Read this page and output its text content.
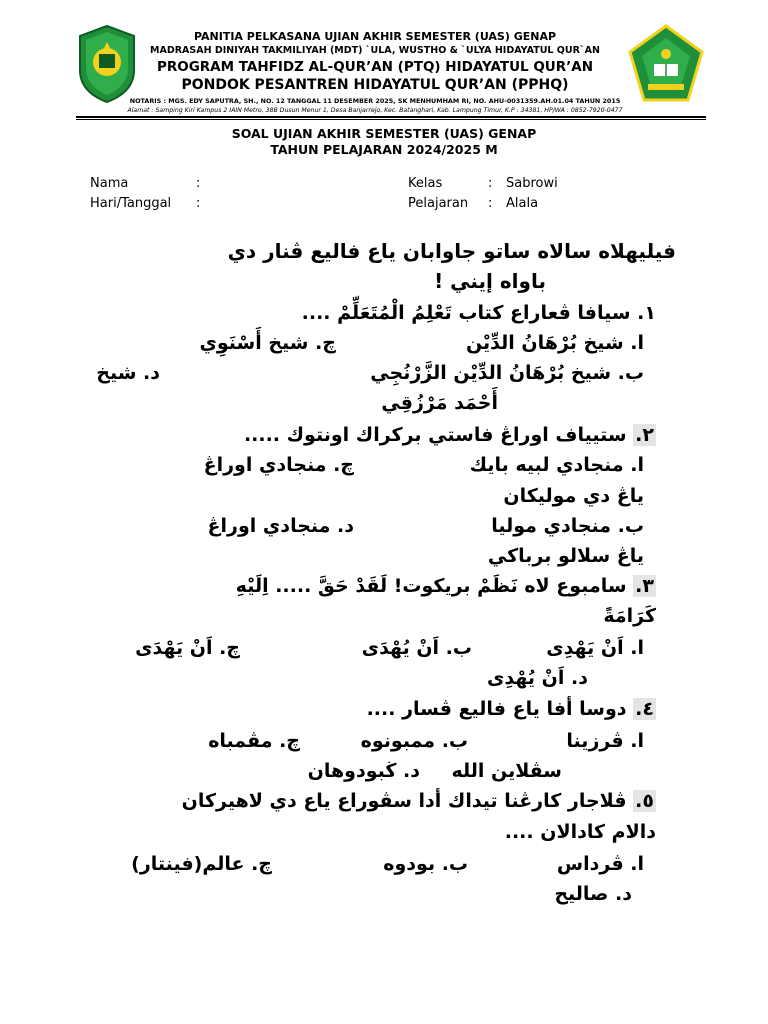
PANITIA PELKASANA UJIAN AKHIR SEMESTER (UAS) GENAP
MADRASAH DINIYAH TAKMILIYAH (MDT) `ULA, WUSTHO & `ULYA HIDAYATUL QUR`AN
PROGRAM TAHFIDZ AL-QUR’AN (PTQ) HIDAYATUL QUR’AN
PONDOK PESANTREN HIDAYATUL QUR’AN (PPHQ)
NOTARIS : MGS. EDY SAPUTRA, SH., NO. 12 TANGGAL 11 DESEMBER 2025, SK MENHUMHAM RI, NO. AHU-0031359.AH.01.04 TAHUN 2015
Alamat : Samping Kiri Kampus 2 IAIN Metro, 38B Dusun Menur 1, Desa Banjarrejo, Kec. Batanghari, Kab. Lampung Timur, K.P : 34381, HP/WA : 0852-7920-0477
SOAL UJIAN AKHIR SEMESTER (UAS) GENAP
TAHUN PELAJARAN 2024/2025 M
Nama	:
Hari/Tanggal :
Kelas	: Sabrowi
Pelajaran : Alala
فيليهلاه سالاه ساتو جاوابان ياع فاليع ڤنار دي
باواه إيني !
١. سيافا ڤعاراع كتاب تَعْلِمُ الْمُتَعَلِّمْ ....
ا. شيخ بُرْهَانُ الدِّيْن
چ. شيخ أَسْنَوِي
ب. شيخ بُرْهَانُ الدِّيْن الزَّرْنُجِي
د. شيخ
أَحْمَد مَرْزُقِي
٢. ستيياف اوراڠ فاستي بركراك اونتوك .....
ا. منجادي لبيه بايك
چ. منجادي اوراڠ
ياڠ دي موليكان
ب. منجادي موليا
د. منجادي اوراڠ
ياڠ سلالو برباكي
٣. سامبوع لاه نَظَمْ بريكوت! لَقَدْ حَقَّ ..... اِلَيْهِ
كَرَامَةً
ا. اَنْ يَهْدِى
ب. اَنْ يُهْدَى
چ. اَنْ يَهْدَى
د. اَنْ يُهْدِى
٤. دوسا أفا ياع فاليع ڤسار ....
ا. ڤرزينا
ب. ممبونوه
چ. مڤمباه
سڤلاين الله
د. ڬبودوهان
٥. ڤلاجار كارڠنا تيداك أدا سڤوراع ياع دي لاهيركان
دالام كادالان ....
ا. ڤرداس
ب. بودوه
چ. عالم(فينتار)
د. صاليح
